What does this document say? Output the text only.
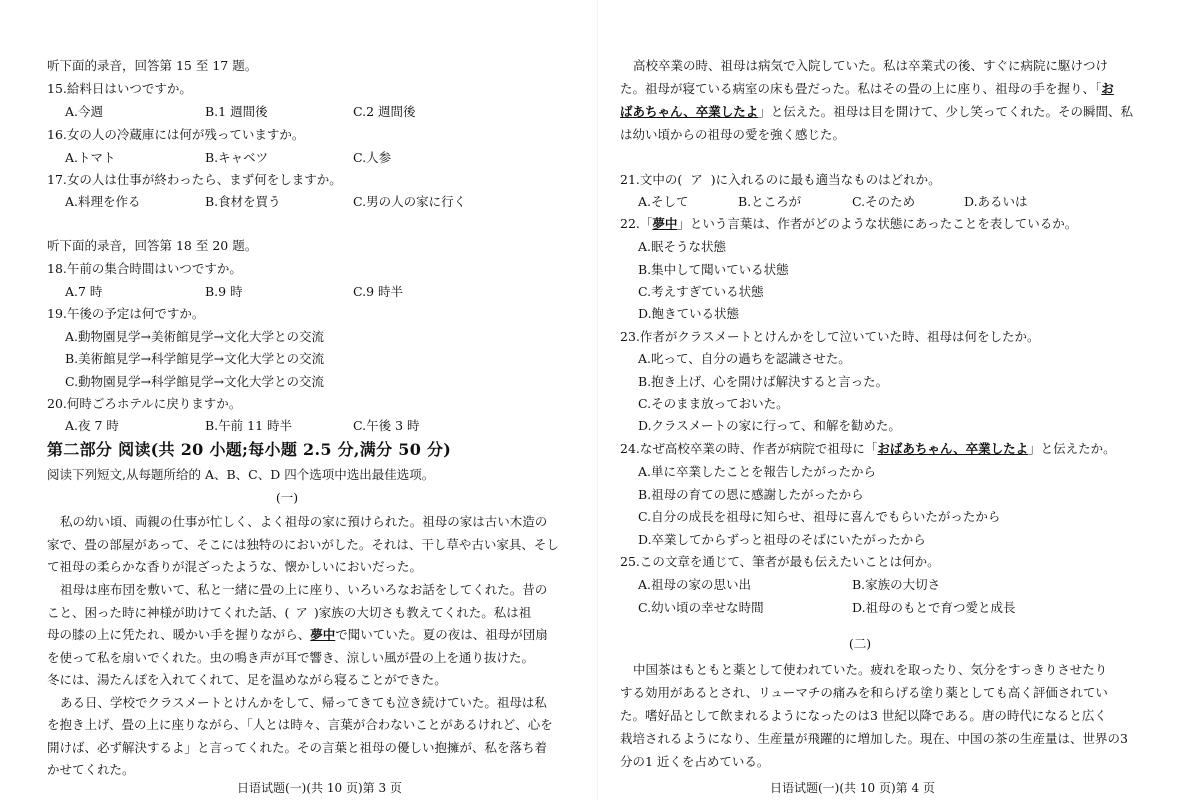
听下面的录音，回答第 15 至 17 题。
15.給料日はいつですか。
A.今週	B.1 週間後	C.2 週間後
16.女の人の冷蔵庫には何が残っていますか。
A.トマト	B.キャベツ	C.人参
17.女の人は仕事が終わったら、まず何をしますか。
A.料理を作る	B.食材を買う	C.男の人の家に行く
听下面的录音，回答第 18 至 20 题。
18.午前の集合時間はいつですか。
A.7 時	B.9 時	C.9 時半
19.午後の予定は何ですか。
A.動物園見学→美術館見学→文化大学との交流
B.美術館見学→科学館見学→文化大学との交流
C.動物園見学→科学館見学→文化大学との交流
20.何時ごろホテルに戻りますか。
A.夜 7 時	B.午前 11 時半	C.午後 3 時
第二部分 阅读(共 20 小题;每小题 2.5 分,满分 50 分)
阅读下列短文,从每题所给的 A、B、C、D 四个选项中选出最佳选项。
(一)
私の幼い頃、両親の仕事が忙しく、よく祖母の家に預けられた。祖母の家は古い木造の
家で、畳の部屋があって、そこには独特のにおいがした。それは、干し草や古い家具、そし
て祖母の柔らかな香りが混ざったような、懐かしいにおいだった。
祖母は座布団を敷いて、私と一緒に畳の上に座り、いろいろなお話をしてくれた。昔の
こと、困った時に神様が助けてくれた話、( ア )家族の大切さも教えてくれた。私は祖
母の膝の上に凭たれ、暖かい手を握りながら、夢中で聞いていた。夏の夜は、祖母が団扇
を使って私を扇いでくれた。虫の鳴き声が耳で響き、涼しい風が畳の上を通り抜けた。
冬には、湯たんぽを入れてくれて、足を温めながら寝ることができた。
ある日、学校でクラスメートとけんかをして、帰ってきても泣き続けていた。祖母は私
を抱き上げ、畳の上に座りながら、「人とは時々、言葉が合わないことがあるけれど、心を
開けば、必ず解決するよ」と言ってくれた。その言葉と祖母の優しい抱擁が、私を落ち着
かせてくれた。
日语试题(一)(共 10 页)第 3 页
高校卒業の時、祖母は病気で入院していた。私は卒業式の後、すぐに病院に駆けつけ
た。祖母が寝ている病室の床も畳だった。私はその畳の上に座り、祖母の手を握り、「お
ばあちゃん、卒業したよ」と伝えた。祖母は目を開けて、少し笑ってくれた。その瞬間、私
は幼い頃からの祖母の愛を強く感じた。
21.文中の( ア )に入れるのに最も適当なものはどれか。
A.そして	B.ところが	C.そのため	D.あるいは
22.「夢中」という言葉は、作者がどのような状態にあったことを表しているか。
A.眠そうな状態
B.集中して聞いている状態
C.考えすぎている状態
D.飽きている状態
23.作者がクラスメートとけんかをして泣いていた時、祖母は何をしたか。
A.叱って、自分の過ちを認識させた。
B.抱き上げ、心を開けば解決すると言った。
C.そのまま放っておいた。
D.クラスメートの家に行って、和解を勧めた。
24.なぜ高校卒業の時、作者が病院で祖母に「おばあちゃん、卒業したよ」と伝えたか。
A.単に卒業したことを報告したがったから
B.祖母の育ての恩に感謝したがったから
C.自分の成長を祖母に知らせ、祖母に喜んでもらいたがったから
D.卒業してからずっと祖母のそばにいたがったから
25.この文章を通じて、筆者が最も伝えたいことは何か。
A.祖母の家の思い出	B.家族の大切さ
C.幼い頃の幸せな時間	D.祖母のもとで育つ愛と成長
(二)
中国茶はもともと薬として使われていた。疲れを取ったり、気分をすっきりさせたり
する効用があるとされ、リューマチの痛みを和らげる塗り薬としても高く評価されてい
た。嗜好品として飲まれるようになったのは3 世紀以降である。唐の時代になると広く
栽培されるようになり、生産量が飛躍的に増加した。現在、中国の茶の生産量は、世界の3
分の1 近くを占めている。
日语试题(一)(共 10 页)第 4 页
